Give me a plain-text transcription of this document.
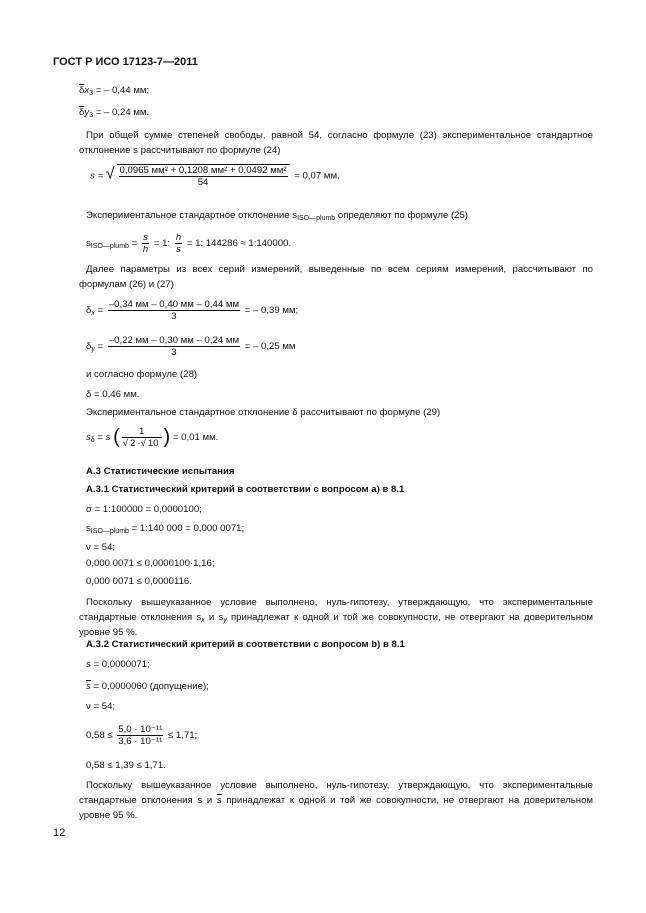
ГОСТ Р ИСО 17123-7—2011
$\overline{\delta}x_3$ = – 0,44 мм;
$\overline{\delta}y_3$ = – 0,24 мм.
При общей сумме степеней свободы, равной 54, согласно формуле (23) экспериментальное стандартное отклонение s рассчитывают по формуле (24)
s = √ $\frac{\text{0,0965 мм² + 0,1208 мм² + 0,0492 мм²}}{54} = 0,07$ мм.
Экспериментальное стандартное отклонение $s_{ISO—plumb}$ определяют по формуле (25)
$s_{ISO—plumb} = \frac{s}{h} = 1$: $\frac{h}{s} = 1$: 144286 ≈ 1:140000.
Далее параметры из всех серий измерений, выведенные по всем сериям измерений, рассчитывают по формулам (26) и (27)
$\delta_x = \frac{-0,34 мм - 0,40 мм - 0,44 мм}{3}$ = – 0,39 мм;
$\delta_y = \frac{-0,22 мм - 0,30 мм - 0,24 мм}{3}$ = – 0,25 мм
и согласно формуле (28)
δ = 0,46 мм.
Экспериментальное стандартное отклонение δ рассчитывают по формуле (29)
$s_\delta = s$ ( $\frac{1}{√ 2 \cdot√ 10}$ ) = 0,01 мм.
А.3 Статистические испытания
А.3.1 Статистический критерий в соответствии с вопросом а) в 8.1
σ = 1:100000 = 0,0000100;
$s_{ISO—plumb}$ = 1:140 000 = 0,000 0071;
ν = 54;
0,000 0071 ≤ 0,0000100·1,16;
0,000 0071 ≤ 0,0000116.
Поскольку вышеуказанное условие выполнено, нуль-гипотезу, утверждающую, что экспериментальные стандартные отклонения $s_x$ и $s_y$ принадлежат к одной и той же совокупности, не отвергают на доверительном уровне 95 %.
А.3.2 Статистический критерий в соответствии с вопросом b) в 8.1
s = 0,0000071;
$\overline{s} = 0,0000060$ (допущение);
ν = 54;
$0,58 \le \frac{\text{5,0 · 10⁻¹¹}}{\text{3,6 · 10⁻¹¹}} \le 1,71$;
0,58 ≤ 1,39 ≤ 1,71.
Поскольку вышеуказанное условие выполнено, нуль-гипотезу, утверждающую, что экспериментальные стандартные отклонения s и $\overline{s}$ принадлежат к одной и той же совокупности, не отвергают на доверительном уровне 95 %.
12
